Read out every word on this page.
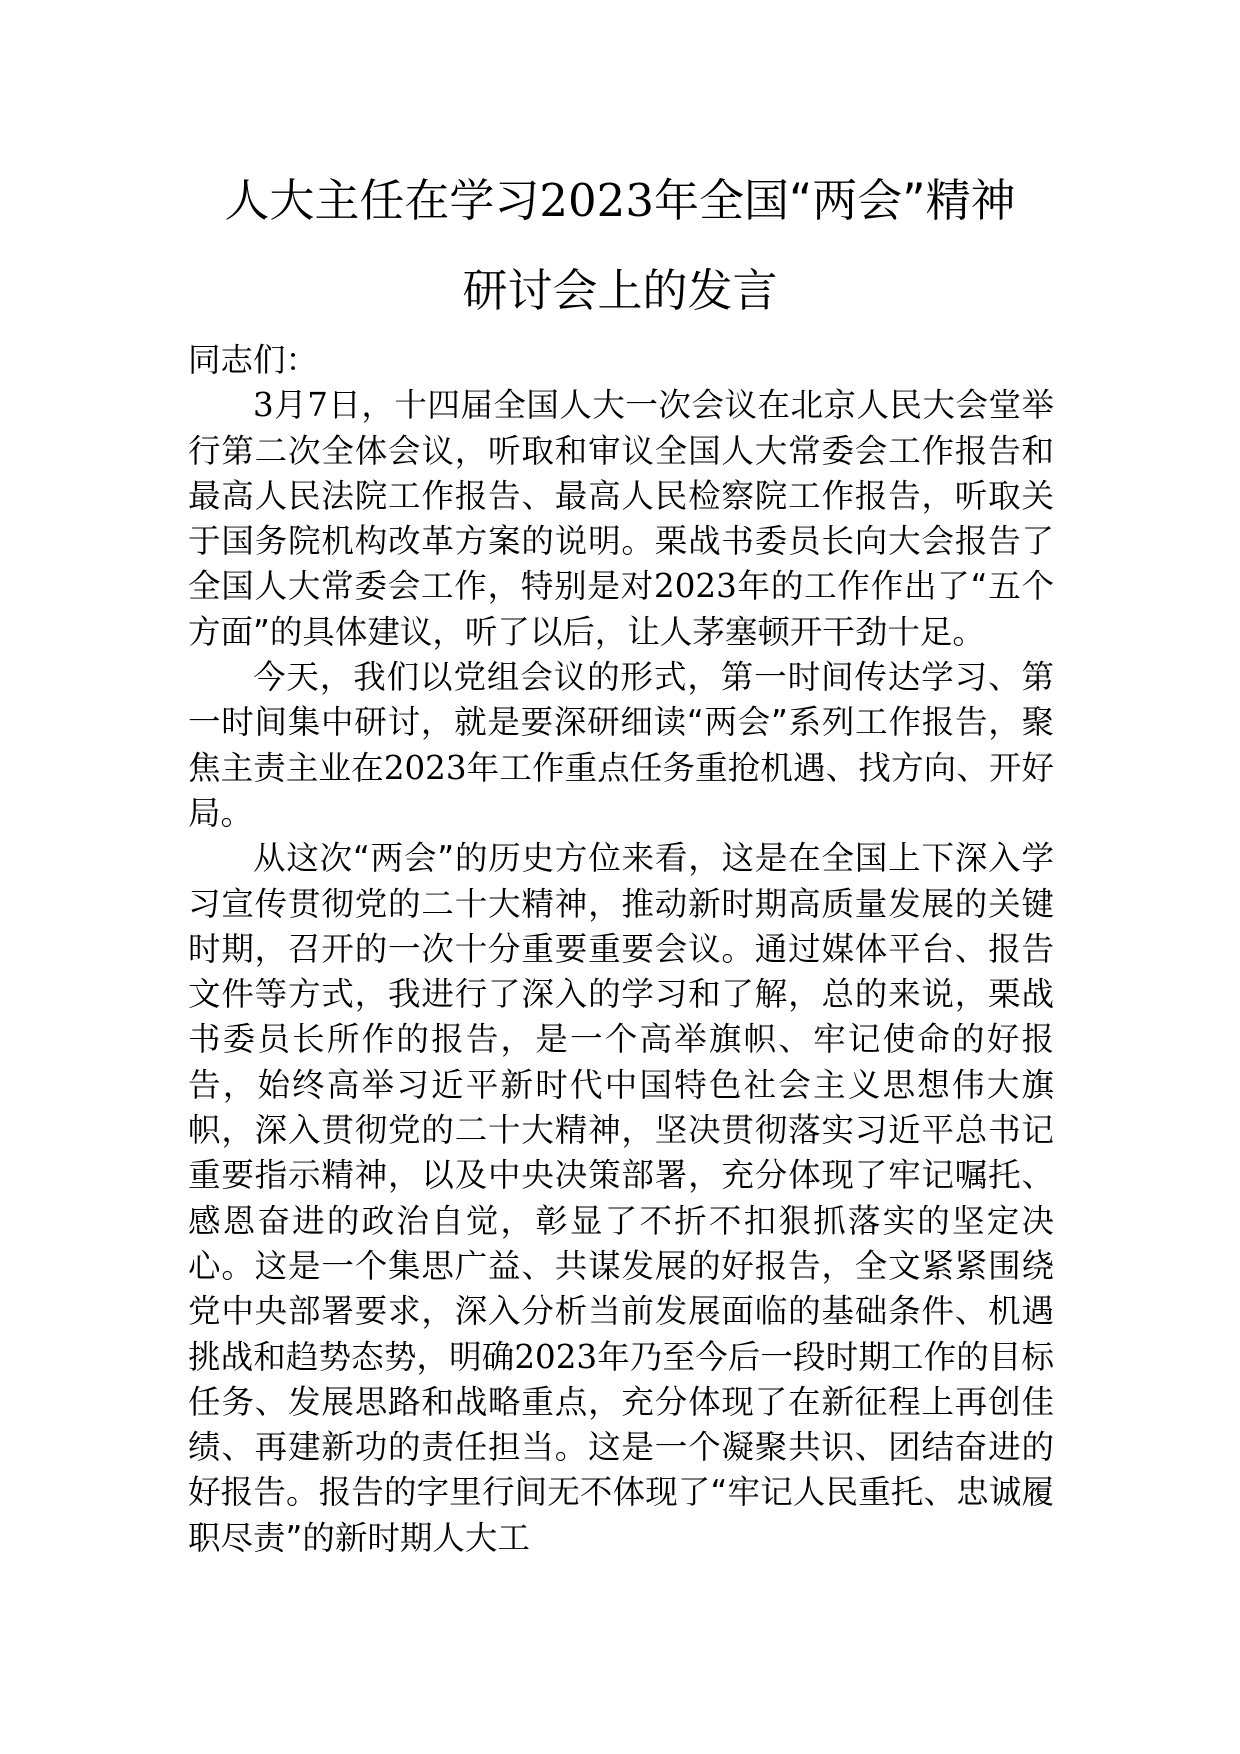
人大主任在学习2023年全国“两会”精神
研讨会上的发言

同志们：

3月7日，十四届全国人大一次会议在北京人民大会堂举行第二次全体会议，听取和审议全国人大常委会工作报告和最高人民法院工作报告、最高人民检察院工作报告，听取关于国务院机构改革方案的说明。栗战书委员长向大会报告了全国人大常委会工作，特别是对2023年的工作作出了“五个方面”的具体建议，听了以后，让人茅塞顿开干劲十足。

今天，我们以党组会议的形式，第一时间传达学习、第一时间集中研讨，就是要深研细读“两会”系列工作报告，聚焦主责主业在2023年工作重点任务重抢机遇、找方向、开好局。

从这次“两会”的历史方位来看，这是在全国上下深入学习宣传贯彻党的二十大精神，推动新时期高质量发展的关键时期，召开的一次十分重要重要会议。通过媒体平台、报告文件等方式，我进行了深入的学习和了解，总的来说，栗战书委员长所作的报告，是一个高举旗帜、牢记使命的好报告，始终高举习近平新时代中国特色社会主义思想伟大旗帜，深入贯彻党的二十大精神，坚决贯彻落实习近平总书记重要指示精神，以及中央决策部署，充分体现了牢记嘱托、感恩奋进的政治自觉，彰显了不折不扣狠抓落实的坚定决心。这是一个集思广益、共谋发展的好报告，全文紧紧围绕党中央部署要求，深入分析当前发展面临的基础条件、机遇挑战和趋势态势，明确2023年乃至今后一段时期工作的目标任务、发展思路和战略重点，充分体现了在新征程上再创佳绩、再建新功的责任担当。这是一个凝聚共识、团结奋进的好报告。报告的字里行间无不体现了“牢记人民重托、忠诚履职尽责”的新时期人大工
